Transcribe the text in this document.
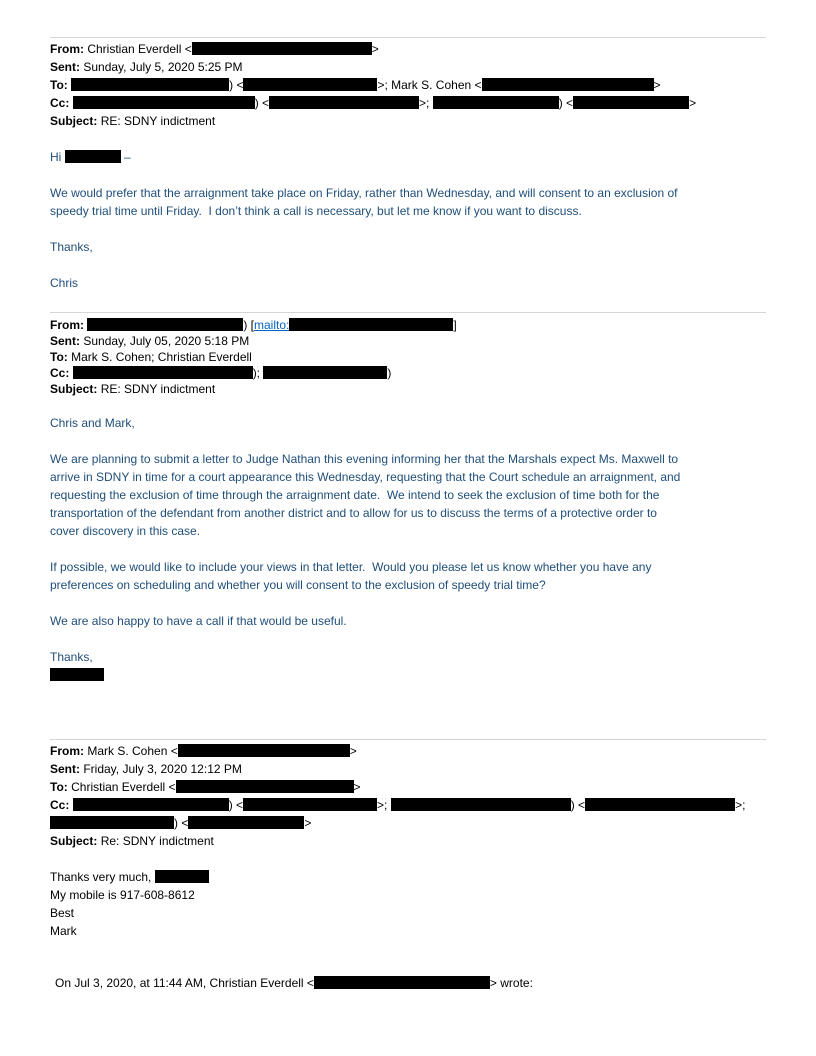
From: Christian Everdell <	>
Sent: Sunday, July 5, 2020 5:25 PM
To:	) <	>; Mark S. Cohen <	>
Cc:	) <	>;	) <	>
Subject: RE: SDNY indictment
Hi	–
We would prefer that the arraignment take place on Friday, rather than Wednesday, and will consent to an exclusion of
speedy trial time until Friday.  I don’t think a call is necessary, but let me know if you want to discuss.
Thanks,
Chris
From:	) [mailto:	]
Sent: Sunday, July 05, 2020 5:18 PM
To: Mark S. Cohen; Christian Everdell
Cc:	);	)
Subject: RE: SDNY indictment
Chris and Mark,
We are planning to submit a letter to Judge Nathan this evening informing her that the Marshals expect Ms. Maxwell to
arrive in SDNY in time for a court appearance this Wednesday, requesting that the Court schedule an arraignment, and
requesting the exclusion of time through the arraignment date.  We intend to seek the exclusion of time both for the
transportation of the defendant from another district and to allow for us to discuss the terms of a protective order to
cover discovery in this case.
If possible, we would like to include your views in that letter.  Would you please let us know whether you have any
preferences on scheduling and whether you will consent to the exclusion of speedy trial time?
We are also happy to have a call if that would be useful.
Thanks,
From: Mark S. Cohen <	>
Sent: Friday, July 3, 2020 12:12 PM
To: Christian Everdell <	>
Cc:	) <	>;	) <	>;
) <	>
Subject: Re: SDNY indictment
Thanks very much,
My mobile is 917-608-8612
Best
Mark
On Jul 3, 2020, at 11:44 AM, Christian Everdell <	> wrote:
